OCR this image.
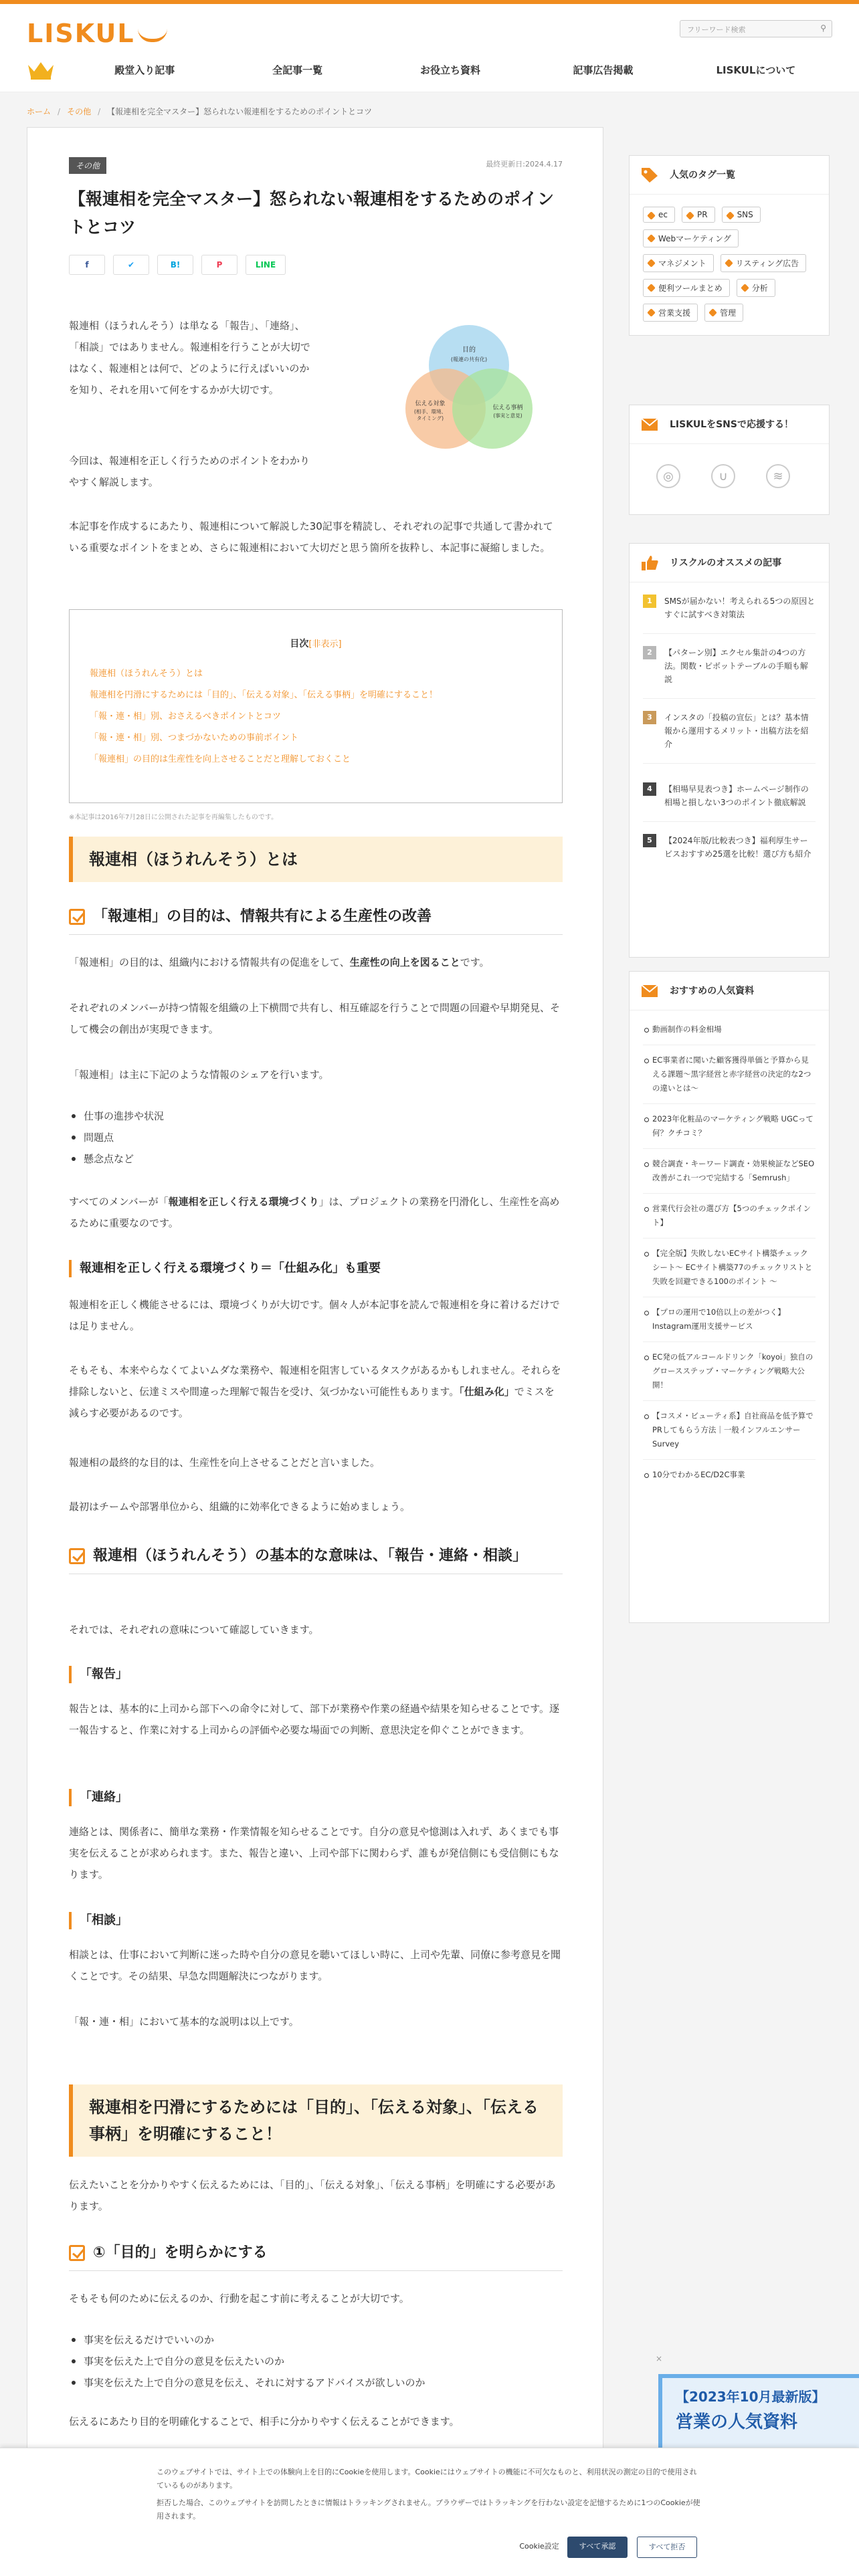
LISKUL	フリーワード検索	⚲
殿堂入り記事	全記事一覧	お役立ち資料	記事広告掲載	LISKULについて
ホーム / その他 / 【報連相を完全マスター】怒られない報連相をするためのポイントとコツ
その他	最終更新日:2024.4.17
【報連相を完全マスター】怒られない報連相をするためのポイントとコツ
f	✔	B!	P	LINE

報連相（ほうれんそう）は単なる「報告」、「連絡」、「相談」ではありません。報連相を行うことが大切ではなく、報連相とは何で、どのように行えばいいのかを知り、それを用いて何をするかが大切です。

目的
(報連の共有化)
伝える対象
(相手、環境、
タイミング)
伝える事柄
(事実と意見)

今回は、報連相を正しく行うためのポイントをわかりやすく解説します。

本記事を作成するにあたり、報連相について解説した30記事を精読し、それぞれの記事で共通して書かれている重要なポイントをまとめ、さらに報連相において大切だと思う箇所を抜粋し、本記事に凝縮しました。

目次[非表示]
報連相（ほうれんそう）とは
報連相を円滑にするためには「目的」、「伝える対象」、「伝える事柄」を明確にすること！
「報・連・相」別、おさえるべきポイントとコツ
「報・連・相」別、つまづかないための事前ポイント
「報連相」の目的は生産性を向上させることだと理解しておくこと
※本記事は2016年7月28日に公開された記事を再編集したものです。
報連相（ほうれんそう）とは
「報連相」の目的は、情報共有による生産性の改善

「報連相」の目的は、組織内における情報共有の促進をして、生産性の向上を図ることです。

それぞれのメンバーが持つ情報を組織の上下横間で共有し、相互確認を行うことで問題の回避や早期発見、そして機会の創出が実現できます。

「報連相」は主に下記のような情報のシェアを行います。

仕事の進捗や状況
問題点
懸念点など

すべてのメンバーが「報連相を正しく行える環境づくり」は、プロジェクトの業務を円滑化し、生産性を高めるために重要なのです。

報連相を正しく行える環境づくり＝「仕組み化」も重要

報連相を正しく機能させるには、環境づくりが大切です。個々人が本記事を読んで報連相を身に着けるだけでは足りません。

そもそも、本来やらなくてよいムダな業務や、報連相を阻害しているタスクがあるかもしれません。それらを排除しないと、伝達ミスや間違った理解で報告を受け、気づかない可能性もあります。「仕組み化」でミスを減らす必要があるのです。

報連相の最終的な目的は、生産性を向上させることだと言いました。

最初はチームや部署単位から、組織的に効率化できるように始めましょう。

報連相（ほうれんそう）の基本的な意味は、「報告・連絡・相談」

それでは、それぞれの意味について確認していきます。

「報告」

報告とは、基本的に上司から部下への命令に対して、部下が業務や作業の経過や結果を知らせることです。逐一報告すると、作業に対する上司からの評価や必要な場面での判断、意思決定を仰ぐことができます。

「連絡」

連絡とは、関係者に、簡単な業務・作業情報を知らせることです。自分の意見や憶測は入れず、あくまでも事実を伝えることが求められます。また、報告と違い、上司や部下に関わらず、誰もが発信側にも受信側にもなります。

「相談」

相談とは、仕事において判断に迷った時や自分の意見を聴いてほしい時に、上司や先輩、同僚に参考意見を聞くことです。その結果、早急な問題解決につながります。

「報・連・相」において基本的な説明は以上です。

報連相を円滑にするためには「目的」、「伝える対象」、「伝える事柄」を明確にすること！

伝えたいことを分かりやすく伝えるためには、「目的」、「伝える対象」、「伝える事柄」を明確にする必要があります。

①「目的」を明らかにする

そもそも何のために伝えるのか、行動を起こす前に考えることが大切です。

事実を伝えるだけでいいのか
事実を伝えた上で自分の意見を伝えたいのか
事実を伝えた上で自分の意見を伝え、それに対するアドバイスが欲しいのか

伝えるにあたり目的を明確化することで、相手に分かりやすく伝えることができます。

人気のタグ一覧
ec	PR	SNS
Webマーケティング
マネジメント	リスティング広告
便利ツールまとめ	分析
営業支援	管理
LISKULをSNSで応援する！
◎	∪	≋
リスクルのオススメの記事
1	SMSが届かない！考えられる5つの原因とすぐに試すべき対策法
2	【パターン別】エクセル集計の4つの方法。関数・ピボットテーブルの手順も解説
3	インスタの「投稿の宣伝」とは？基本情報から運用するメリット・出稿方法を紹介
4	【相場早見表つき】ホームページ制作の相場と損しない3つのポイント徹底解説
5	【2024年版/比較表つき】福利厚生サービスおすすめ25選を比較！選び方も紹介
おすすめの人気資料
動画制作の料金相場
EC事業者に聞いた顧客獲得単価と予算から見える課題〜黒字経営と赤字経営の決定的な2つの違いとは〜
2023年化粧品のマーケティング戦略 UGCって何？クチコミ？
競合調査・キーワード調査・効果検証などSEO改善がこれ一つで完結する「Semrush」
営業代行会社の選び方【5つのチェックポイント】
【完全版】失敗しないECサイト構築チェックシート〜 ECサイト構築77のチェックリストと失敗を回避できる100のポイント 〜
【プロの運用で10倍以上の差がつく】Instagram運用支援サービス
EC発の低アルコールドリンク「koyoi」独自のグロースステップ・マーケティング戦略大公開！
【コスメ・ビューティ系】自社商品を低予算でPRしてもらう方法｜一般インフルエンサーSurvey
10分でわかるEC/D2C事業
×
【2023年10月最新版】
営業の人気資料

このウェブサイトでは、サイト上での体験向上を目的にCookieを使用します。Cookieにはウェブサイトの機能に不可欠なものと、利用状況の測定の目的で使用されているものがあります。

拒否した場合、このウェブサイトを訪問したときに情報はトラッキングされません。ブラウザーではトラッキングを行わない設定を記憶するために1つのCookieが使用されます。

Cookie設定	すべて承認	すべて拒否
